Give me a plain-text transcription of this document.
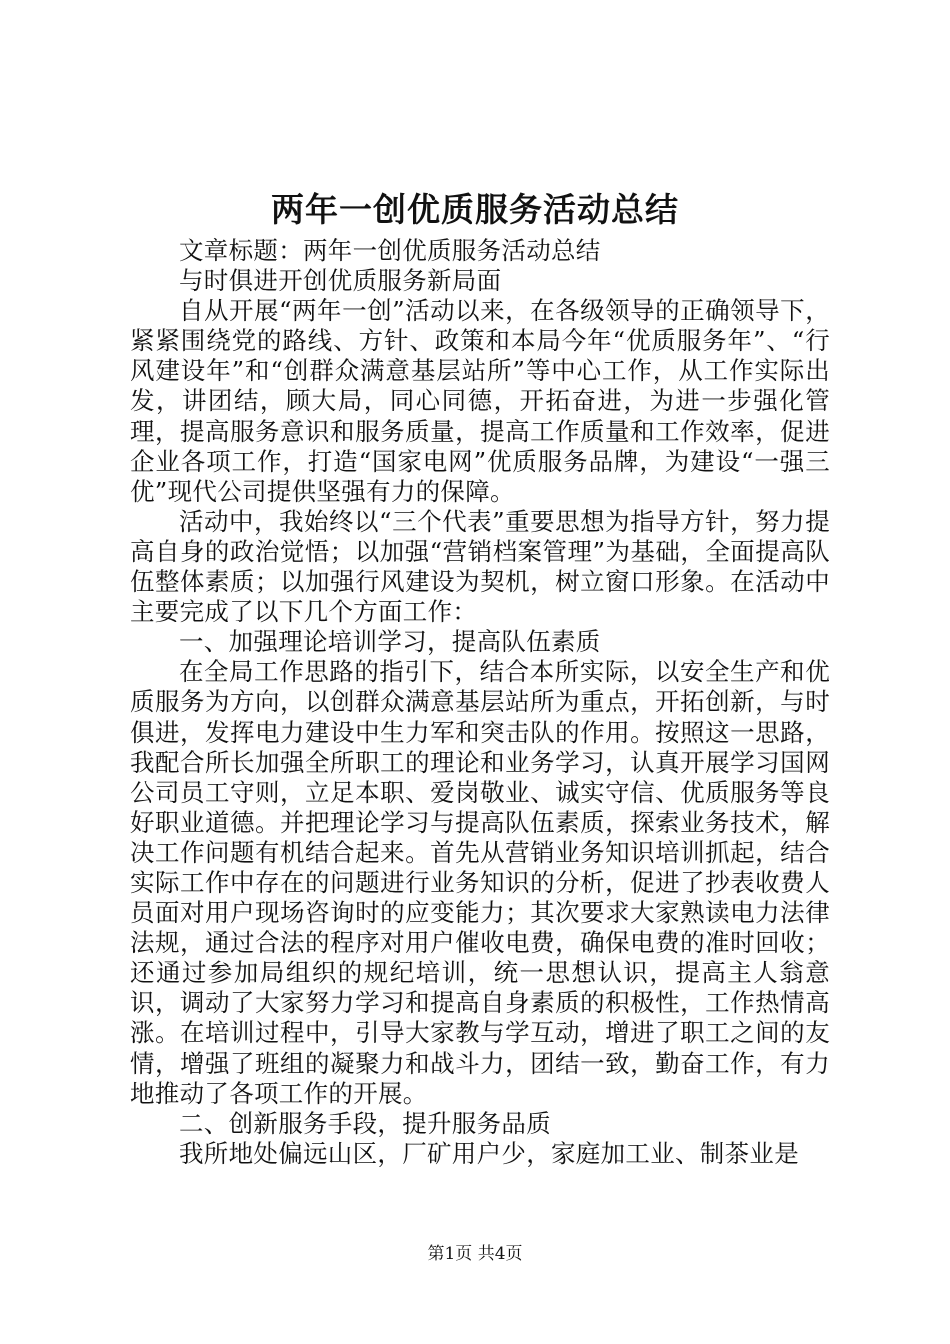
两年一创优质服务活动总结

文章标题：两年一创优质服务活动总结

与时俱进开创优质服务新局面

自从开展“两年一创”活动以来，在各级领导的正确领导下，紧紧围绕党的路线、方针、政策和本局今年“优质服务年”、“行风建设年”和“创群众满意基层站所”等中心工作，从工作实际出发，讲团结，顾大局，同心同德，开拓奋进，为进一步强化管理，提高服务意识和服务质量，提高工作质量和工作效率，促进企业各项工作，打造“国家电网”优质服务品牌，为建设“一强三优”现代公司提供坚强有力的保障。

活动中，我始终以“三个代表”重要思想为指导方针，努力提高自身的政治觉悟；以加强“营销档案管理”为基础，全面提高队伍整体素质；以加强行风建设为契机，树立窗口形象。在活动中主要完成了以下几个方面工作：

一、加强理论培训学习，提高队伍素质

在全局工作思路的指引下，结合本所实际，以安全生产和优质服务为方向，以创群众满意基层站所为重点，开拓创新，与时俱进，发挥电力建设中生力军和突击队的作用。按照这一思路，我配合所长加强全所职工的理论和业务学习，认真开展学习国网公司员工守则，立足本职、爱岗敬业、诚实守信、优质服务等良好职业道德。并把理论学习与提高队伍素质，探索业务技术，解决工作问题有机结合起来。首先从营销业务知识培训抓起，结合实际工作中存在的问题进行业务知识的分析，促进了抄表收费人员面对用户现场咨询时的应变能力；其次要求大家熟读电力法律法规，通过合法的程序对用户催收电费，确保电费的准时回收；还通过参加局组织的规纪培训，统一思想认识，提高主人翁意识，调动了大家努力学习和提高自身素质的积极性，工作热情高涨。在培训过程中，引导大家教与学互动，增进了职工之间的友情，增强了班组的凝聚力和战斗力，团结一致，勤奋工作，有力地推动了各项工作的开展。

二、创新服务手段，提升服务品质

我所地处偏远山区，厂矿用户少，家庭加工业、制茶业是

第1页 共4页
